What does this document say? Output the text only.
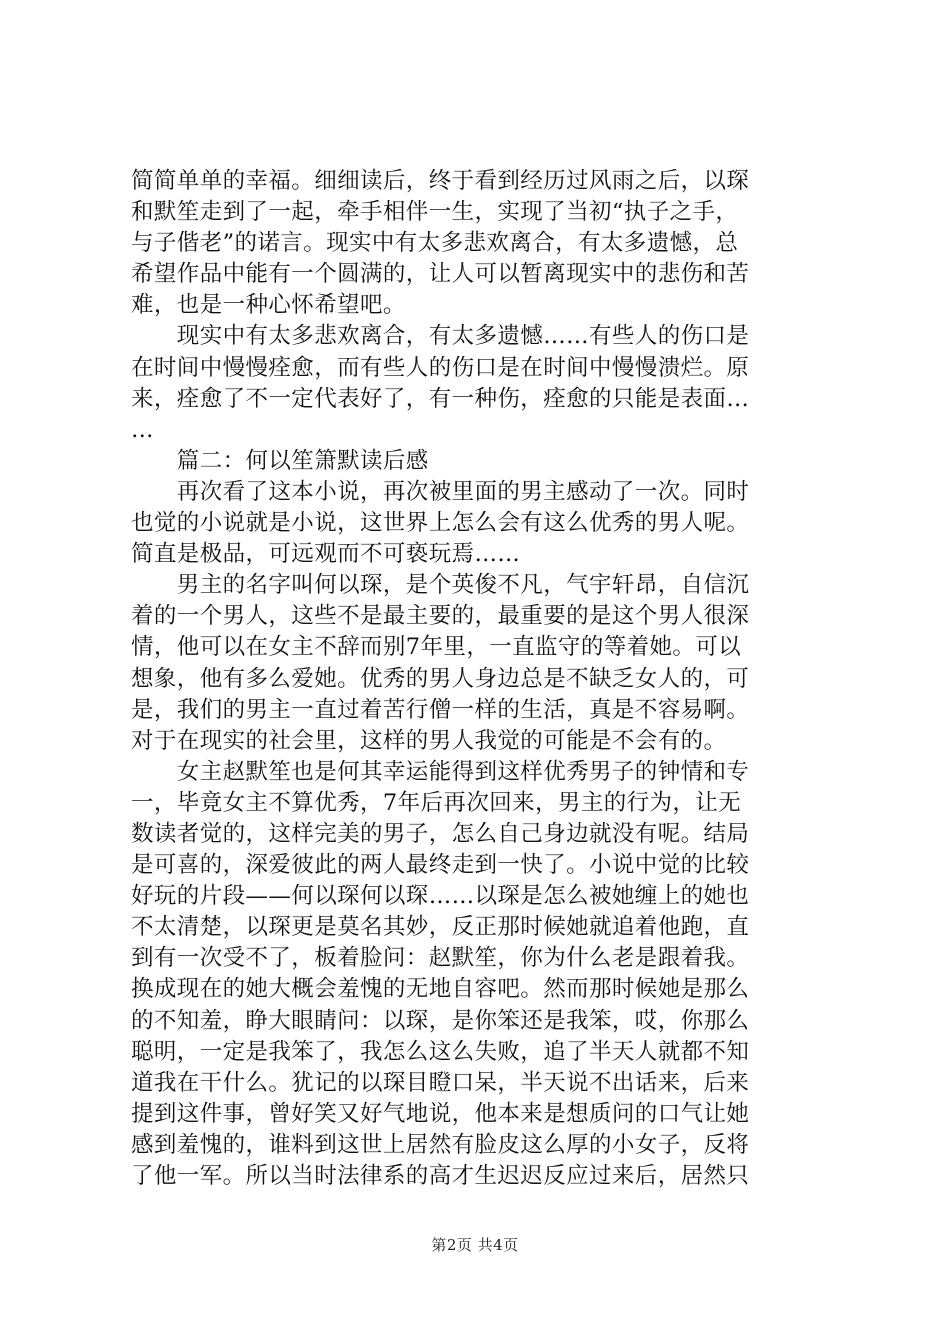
简简单单的幸福。细细读后，终于看到经历过风雨之后，以琛
和默笙走到了一起，牵手相伴一生，实现了当初“执子之手，
与子偕老”的诺言。现实中有太多悲欢离合，有太多遗憾，总
希望作品中能有一个圆满的，让人可以暂离现实中的悲伤和苦
难，也是一种心怀希望吧。
　　现实中有太多悲欢离合，有太多遗憾……有些人的伤口是
在时间中慢慢痊愈，而有些人的伤口是在时间中慢慢溃烂。原
来，痊愈了不一定代表好了，有一种伤，痊愈的只能是表面…
…
　　篇二：何以笙箫默读后感
　　再次看了这本小说，再次被里面的男主感动了一次。同时
也觉的小说就是小说，这世界上怎么会有这么优秀的男人呢。
简直是极品，可远观而不可亵玩焉……
　　男主的名字叫何以琛，是个英俊不凡，气宇轩昂，自信沉
着的一个男人，这些不是最主要的，最重要的是这个男人很深
情，他可以在女主不辞而别7年里，一直监守的等着她。可以
想象，他有多么爱她。优秀的男人身边总是不缺乏女人的，可
是，我们的男主一直过着苦行僧一样的生活，真是不容易啊。
对于在现实的社会里，这样的男人我觉的可能是不会有的。
　　女主赵默笙也是何其幸运能得到这样优秀男子的钟情和专
一，毕竟女主不算优秀，7年后再次回来，男主的行为，让无
数读者觉的，这样完美的男子，怎么自己身边就没有呢。结局
是可喜的，深爱彼此的两人最终走到一快了。小说中觉的比较
好玩的片段——何以琛何以琛……以琛是怎么被她缠上的她也
不太清楚，以琛更是莫名其妙，反正那时候她就追着他跑，直
到有一次受不了，板着脸问：赵默笙，你为什么老是跟着我。
换成现在的她大概会羞愧的无地自容吧。然而那时候她是那么
的不知羞，睁大眼睛问：以琛，是你笨还是我笨，哎，你那么
聪明，一定是我笨了，我怎么这么失败，追了半天人就都不知
道我在干什么。犹记的以琛目瞪口呆，半天说不出话来，后来
提到这件事，曾好笑又好气地说，他本来是想质问的口气让她
感到羞愧的，谁料到这世上居然有脸皮这么厚的小女子，反将
了他一军。所以当时法律系的高才生迟迟反应过来后，居然只
第2页 共4页
